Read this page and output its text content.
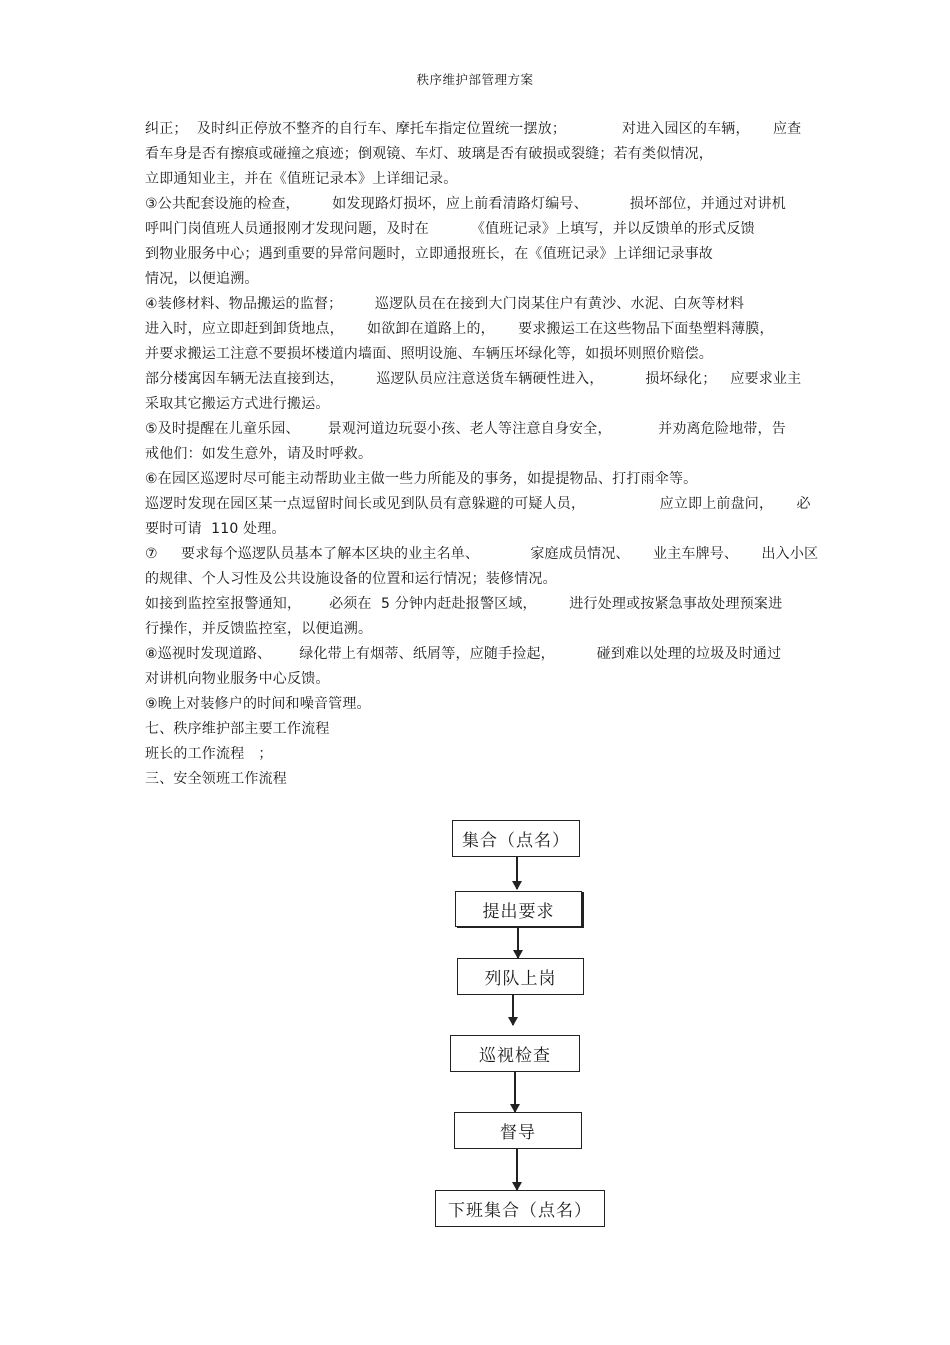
秩序维护部管理方案
纠正；  及时纠正停放不整齐的自行车、摩托车指定位置统一摆放；            对进入园区的车辆，     应查
看车身是否有擦痕或碰撞之痕迹；倒观镜、车灯、玻璃是否有破损或裂缝；若有类似情况，
立即通知业主，并在《值班记录本》上详细记录。
③公共配套设施的检查，       如发现路灯损坏，应上前看清路灯编号、         损坏部位，并通过对讲机
呼叫门岗值班人员通报刚才发现问题，及时在         《值班记录》上填写，并以反馈单的形式反馈
到物业服务中心；遇到重要的异常问题时，立即通报班长，在《值班记录》上详细记录事故
情况，以便追溯。
④装修材料、物品搬运的监督；       巡逻队员在在接到大门岗某住户有黄沙、水泥、白灰等材料
进入时，应立即赶到卸货地点，     如欲卸在道路上的，     要求搬运工在这些物品下面垫塑料薄膜，
并要求搬运工注意不要损坏楼道内墙面、照明设施、车辆压坏绿化等，如损坏则照价赔偿。
部分楼寓因车辆无法直接到达，       巡逻队员应注意送货车辆硬性进入，         损坏绿化；   应要求业主
采取其它搬运方式进行搬运。
⑤及时提醒在儿童乐园、      景观河道边玩耍小孩、老人等注意自身安全，          并劝离危险地带，告
戒他们：如发生意外，请及时呼救。
⑥在园区巡逻时尽可能主动帮助业主做一些力所能及的事务，如提提物品、打打雨伞等。
巡逻时发现在园区某一点逗留时间长或见到队员有意躲避的可疑人员，                应立即上前盘问，     必
要时可请  110 处理。
⑦     要求每个巡逻队员基本了解本区块的业主名单、           家庭成员情况、     业主车牌号、     出入小区
的规律、个人习性及公共设施设备的位置和运行情况；装修情况。
如接到监控室报警通知，      必须在  5 分钟内赶赴报警区域，       进行处理或按紧急事故处理预案进
行操作，并反馈监控室，以便追溯。
⑧巡视时发现道路、      绿化带上有烟蒂、纸屑等，应随手捡起，         碰到难以处理的垃圾及时通过
对讲机向物业服务中心反馈。
⑨晚上对装修户的时间和噪音管理。
七、秩序维护部主要工作流程
班长的工作流程   ；
三、安全领班工作流程
集合（点名）
提出要求
列队上岗
巡视检查
督导
下班集合（点名）
